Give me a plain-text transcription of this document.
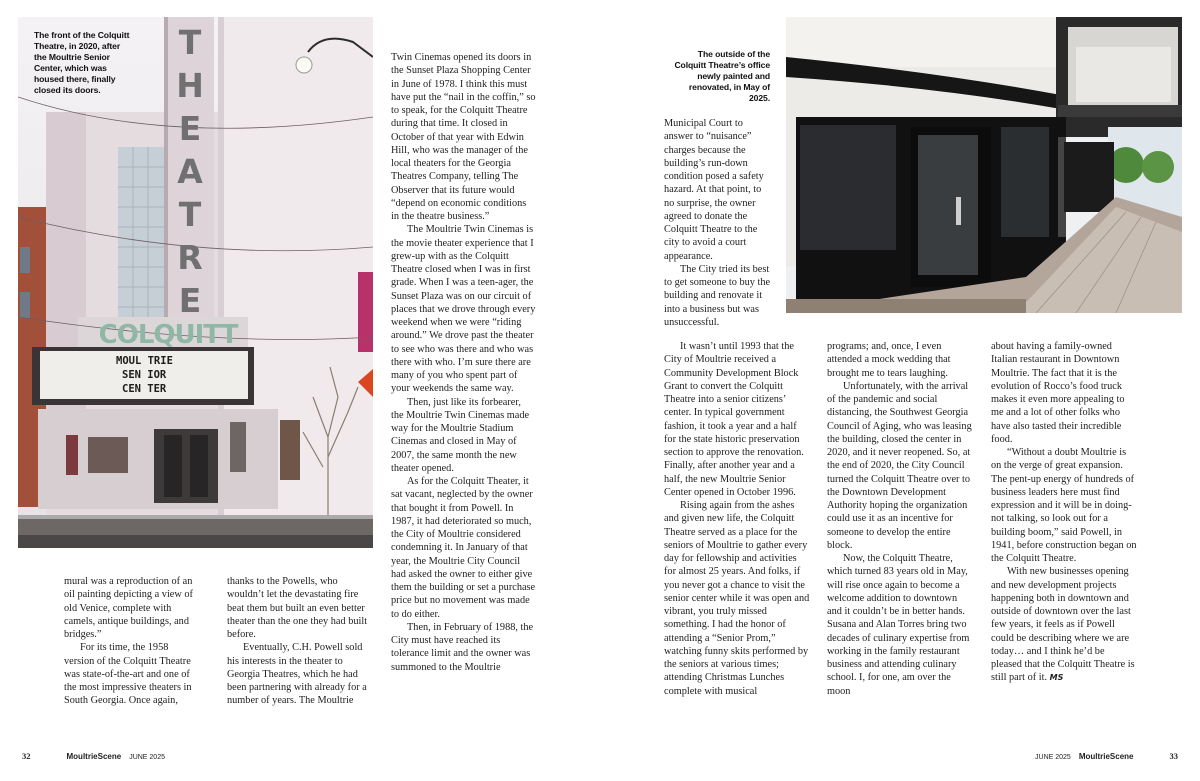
T
H
E
A
T
R
E
COLQUITT
MOUL TRIE
SEN IOR
CEN TER
The front of the Colquitt Theatre, in 2020, after the Moultrie Senior Center, which was housed there, finally closed its doors.

mural was a reproduction of an oil painting depicting a view of old Venice, complete with camels, antique buildings, and bridges.”

For its time, the 1958 version of the Colquitt Theatre was state-of-the-art and one of the most impressive theaters in South Georgia. Once again,

thanks to the Powells, who wouldn’t let the devastating fire beat them but built an even better theater than the one they had built before.

Eventually, C.H. Powell sold his interests in the theater to Georgia Theatres, which he had been partnering with already for a number of years. The Moultrie

Twin Cinemas opened its doors in the Sunset Plaza Shopping Center in June of 1978. I think this must have put the “nail in the coffin,” so to speak, for the Colquitt Theatre during that time. It closed in October of that year with Edwin Hill, who was the manager of the local theaters for the Georgia Theatres Company, telling The Observer that its future would “depend on economic conditions in the theatre business.”

The Moultrie Twin Cinemas is the movie theater experience that I grew-up with as the Colquitt Theatre closed when I was in first grade. When I was a teen-ager, the Sunset Plaza was on our circuit of places that we drove through every weekend when we were “riding around.” We drove past the theater to see who was there and who was there with who. I’m sure there are many of you who spent part of your weekends the same way.

Then, just like its forbearer, the Moultrie Twin Cinemas made way for the Moultrie Stadium Cinemas and closed in May of 2007, the same month the new theater opened.

As for the Colquitt Theater, it sat vacant, neglected by the owner that bought it from Powell. In 1987, it had deteriorated so much, the City of Moultrie considered condemning it. In January of that year, the Moultrie City Council had asked the owner to either give them the building or set a purchase price but no movement was made to do either.

Then, in February of 1988, the City must have reached its tolerance limit and the owner was summoned to the Moultrie

32	MoultrieScene JUNE 2025
The outside of the Colquitt Theatre’s office newly painted and renovated, in May of 2025.

Municipal Court to answer to “nuisance” charges because the building’s run-down condition posed a safety hazard. At that point, to no surprise, the owner agreed to donate the Colquitt Theatre to the city to avoid a court appearance.

The City tried its best to get someone to buy the building and renovate it into a business but was unsuccessful.

It wasn’t until 1993 that the City of Moultrie received a Community Development Block Grant to convert the Colquitt Theatre into a senior citizens’ center. In typical government fashion, it took a year and a half for the state historic preservation section to approve the renovation. Finally, after another year and a half, the new Moultrie Senior Center opened in October 1996.

Rising again from the ashes and given new life, the Colquitt Theatre served as a place for the seniors of Moultrie to gather every day for fellowship and activities for almost 25 years. And folks, if you never got a chance to visit the senior center while it was open and vibrant, you truly missed something. I had the honor of attending a “Senior Prom,” watching funny skits performed by the seniors at various times; attending Christmas Lunches complete with musical

programs; and, once, I even attended a mock wedding that brought me to tears laughing.

Unfortunately, with the arrival of the pandemic and social distancing, the Southwest Georgia Council of Aging, who was leasing the building, closed the center in 2020, and it never reopened. So, at the end of 2020, the City Council turned the Colquitt Theatre over to the Downtown Development Authority hoping the organization could use it as an incentive for someone to develop the entire block.

Now, the Colquitt Theatre, which turned 83 years old in May, will rise once again to become a welcome addition to downtown and it couldn’t be in better hands. Susana and Alan Torres bring two decades of culinary expertise from working in the family restaurant business and attending culinary school. I, for one, am over the moon

about having a family-owned Italian restaurant in Downtown Moultrie. The fact that it is the evolution of Rocco’s food truck makes it even more appealing to me and a lot of other folks who have also tasted their incredible food.

“Without a doubt Moultrie is on the verge of great expansion. The pent-up energy of hundreds of business leaders here must find expression and it will be in doing-not talking, so look out for a building boom,” said Powell, in 1941, before construction began on the Colquitt Theatre.

With new businesses opening and new development projects happening both in downtown and outside of downtown over the last few years, it feels as if Powell could be describing where we are today… and I think he’d be pleased that the Colquitt Theatre is still part of it. MS

JUNE 2025 MoultrieScene	33
